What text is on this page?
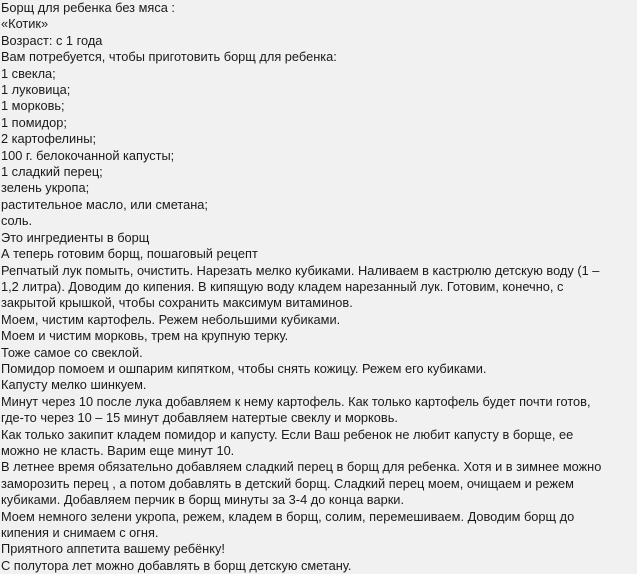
Борщ для ребенка без мяса :
«Котик»
Возраст: с 1 года
Вам потребуется, чтобы приготовить борщ для ребенка:
1 свекла;
1 луковица;
1 морковь;
1 помидор;
2 картофелины;
100 г. белокочанной капусты;
1 сладкий перец;
зелень укропа;
растительное масло, или сметана;
соль.
Это ингредиенты в борщ
А теперь готовим борщ, пошаговый рецепт
Репчатый лук помыть, очистить. Нарезать мелко кубиками. Наливаем в кастрюлю детскую воду (1 –
1,2 литра). Доводим до кипения. В кипящую воду кладем нарезанный лук. Готовим, конечно, с
закрытой крышкой, чтобы сохранить максимум витаминов.
Моем, чистим картофель. Режем небольшими кубиками.
Моем и чистим морковь, трем на крупную терку.
Тоже самое со свеклой.
Помидор помоем и ошпарим кипятком, чтобы снять кожицу. Режем его кубиками.
Капусту мелко шинкуем.
Минут через 10 после лука добавляем к нему картофель. Как только картофель будет почти готов,
где-то через 10 – 15 минут добавляем натертые свеклу и морковь.
Как только закипит кладем помидор и капусту. Если Ваш ребенок не любит капусту в борще, ее
можно не класть. Варим еще минут 10.
В летнее время обязательно добавляем сладкий перец в борщ для ребенка. Хотя и в зимнее можно
заморозить перец , а потом добавлять в детский борщ. Сладкий перец моем, очищаем и режем
кубиками. Добавляем перчик в борщ минуты за 3-4 до конца варки.
Моем немного зелени укропа, режем, кладем в борщ, солим, перемешиваем. Доводим борщ до
кипения и снимаем с огня.
Приятного аппетита вашему ребёнку!
С полутора лет можно добавлять в борщ детскую сметану.
